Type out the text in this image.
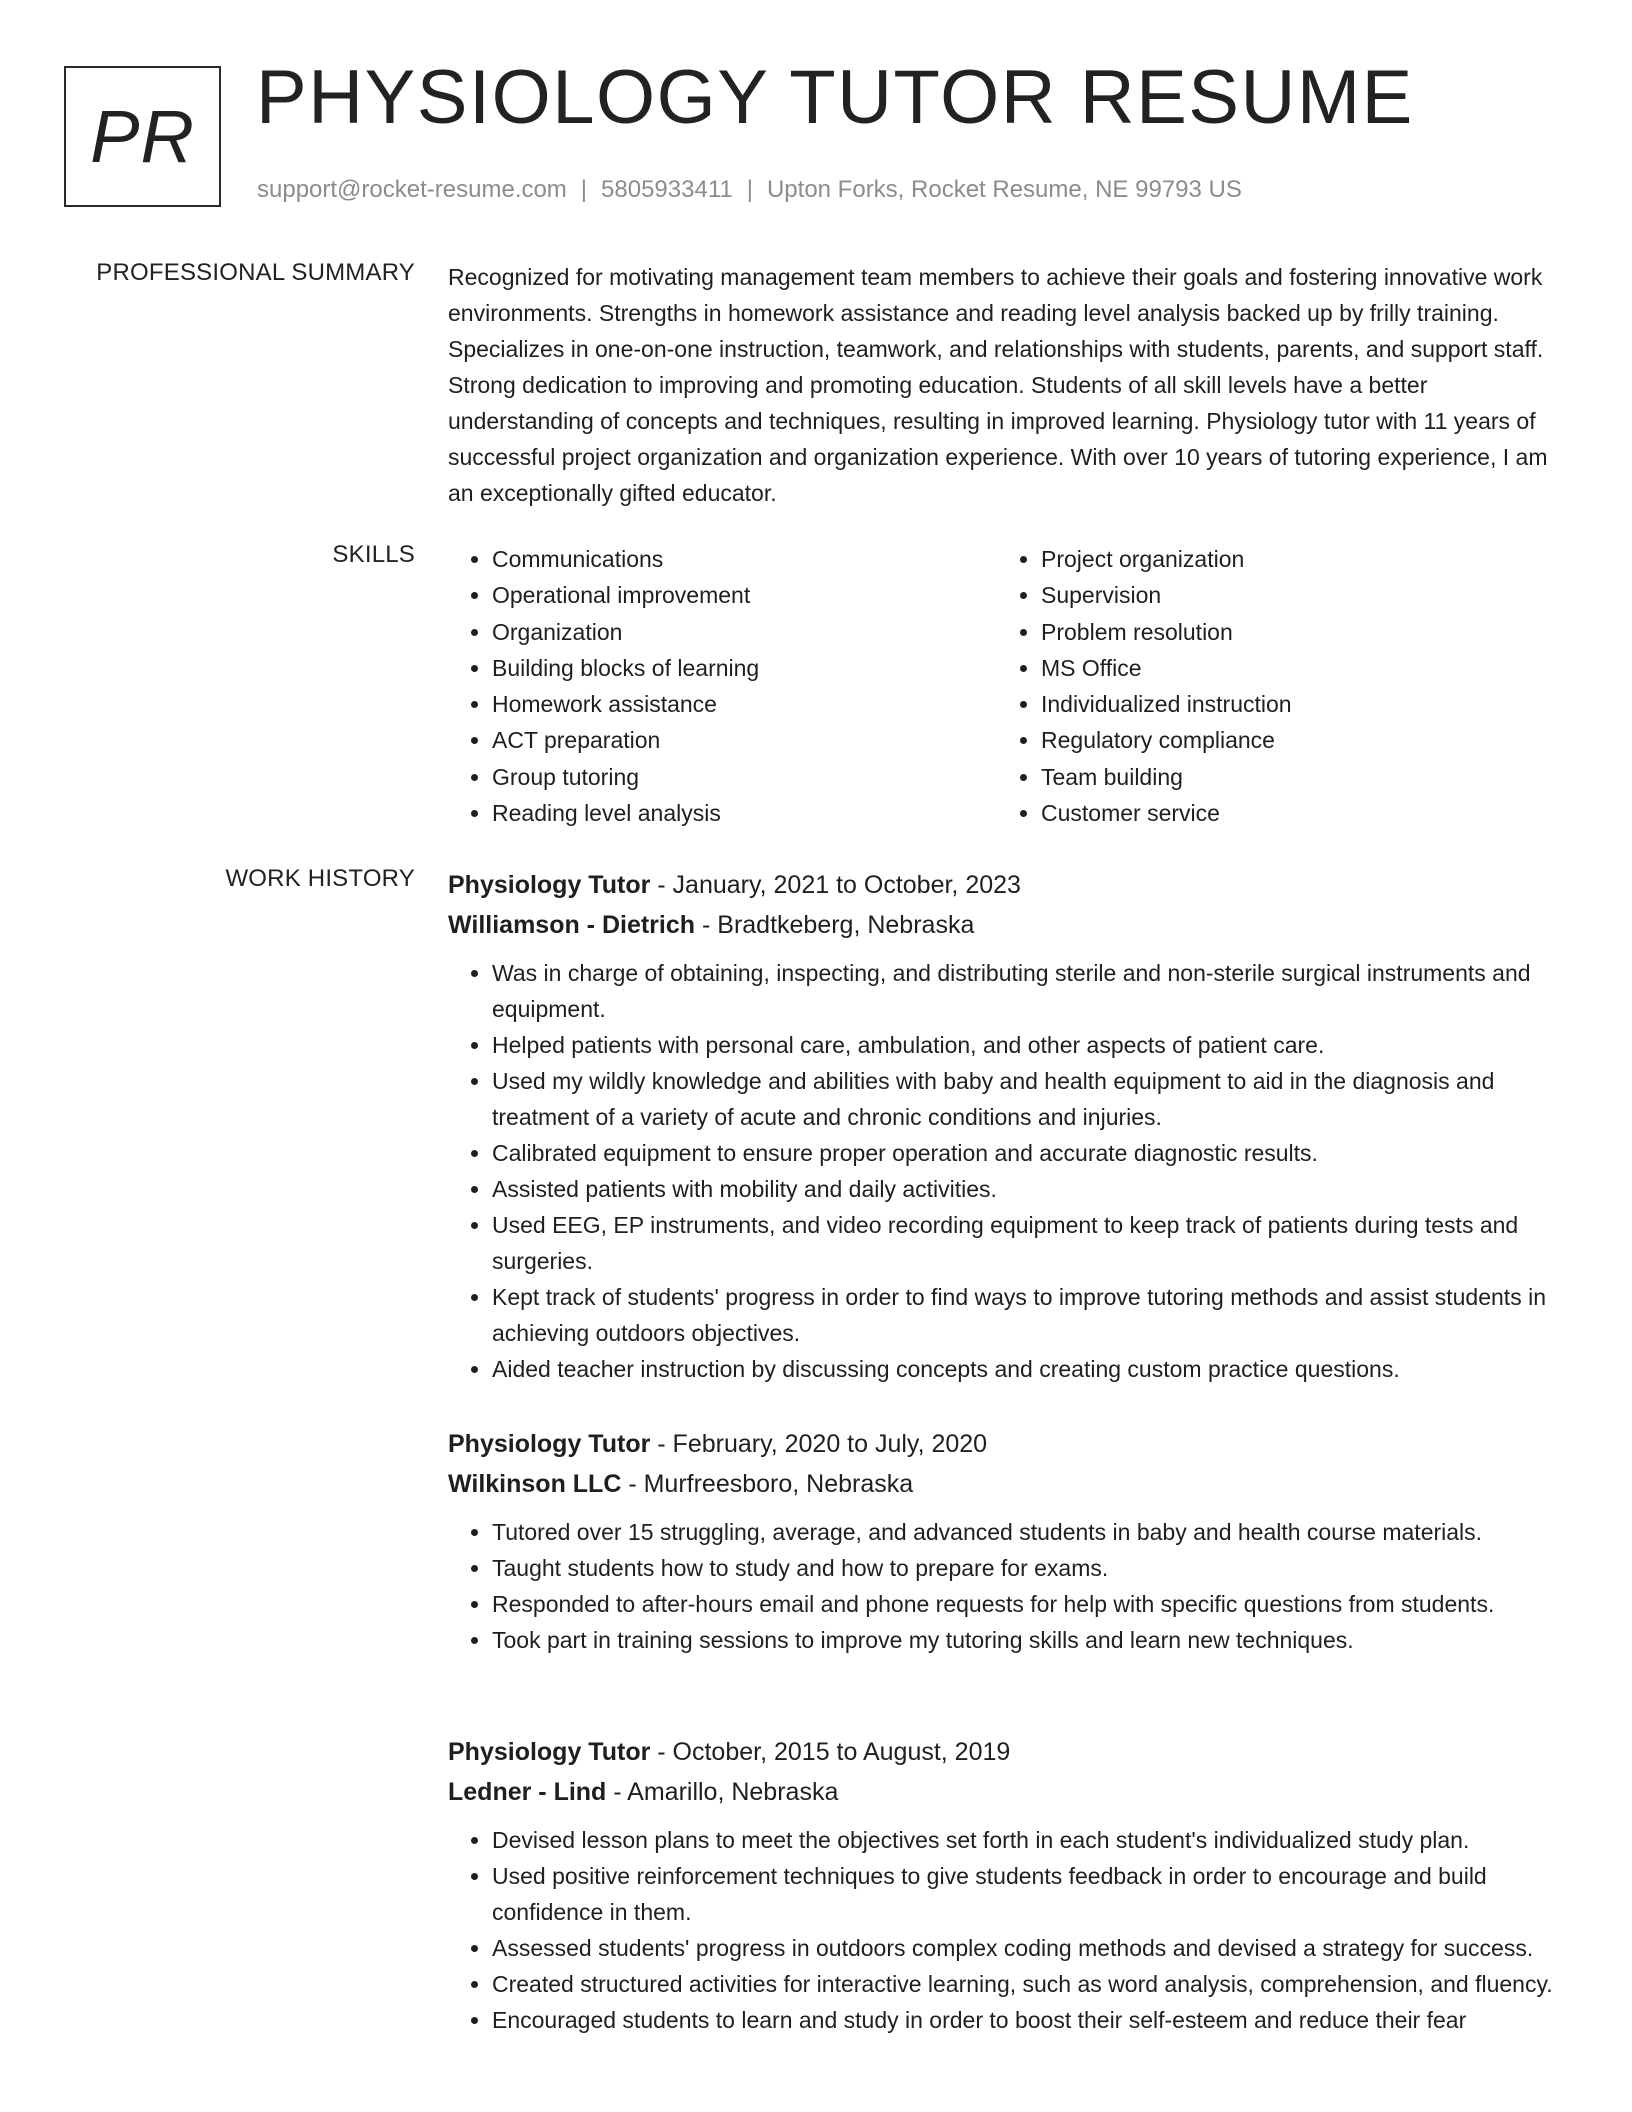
PR PHYSIOLOGY TUTOR RESUME
support@rocket-resume.com | 5805933411 | Upton Forks, Rocket Resume, NE 99793 US
PROFESSIONAL SUMMARY Recognized for motivating management team members to achieve their goals and fostering innovative work environments. Strengths in homework assistance and reading level analysis backed up by frilly training. Specializes in one-on-one instruction, teamwork, and relationships with students, parents, and support staff. Strong dedication to improving and promoting education. Students of all skill levels have a better understanding of concepts and techniques, resulting in improved learning. Physiology tutor with 11 years of successful project organization and organization experience. With over 10 years of tutoring experience, I am an exceptionally gifted educator.
SKILLS
•	Communications
• Operational improvement
• Organization
• Building blocks of learning
• Homework assistance
• ACT preparation
• Group tutoring
• Reading level analysis
• Project organization
• Supervision
• Problem resolution
• MS Office
• Individualized instruction
• Regulatory compliance
• Team building
• Customer service
WORK HISTORY Physiology Tutor - January, 2021 to October, 2023
Williamson - Dietrich - Bradtkeberg, Nebraska
• Was in charge of obtaining, inspecting, and distributing sterile and non-sterile surgical instruments and equipment.
• Helped patients with personal care, ambulation, and other aspects of patient care.
• Used my wildly knowledge and abilities with baby and health equipment to aid in the diagnosis and treatment of a variety of acute and chronic conditions and injuries.
• Calibrated equipment to ensure proper operation and accurate diagnostic results.
• Assisted patients with mobility and daily activities.
• Used EEG, EP instruments, and video recording equipment to keep track of patients during tests and surgeries.
• Kept track of students' progress in order to find ways to improve tutoring methods and assist students in achieving outdoors objectives.
• Aided teacher instruction by discussing concepts and creating custom practice questions.
Physiology Tutor - February, 2020 to July, 2020
Wilkinson LLC - Murfreesboro, Nebraska
• Tutored over 15 struggling, average, and advanced students in baby and health course materials.
• Taught students how to study and how to prepare for exams.
• Responded to after-hours email and phone requests for help with specific questions from students.
• Took part in training sessions to improve my tutoring skills and learn new techniques.
Physiology Tutor - October, 2015 to August, 2019
Ledner - Lind - Amarillo, Nebraska
• Devised lesson plans to meet the objectives set forth in each student's individualized study plan.
• Used positive reinforcement techniques to give students feedback in order to encourage and build confidence in them.
• Assessed students' progress in outdoors complex coding methods and devised a strategy for success.
• Created structured activities for interactive learning, such as word analysis, comprehension, and fluency.
• Encouraged students to learn and study in order to boost their self-esteem and reduce their fear
